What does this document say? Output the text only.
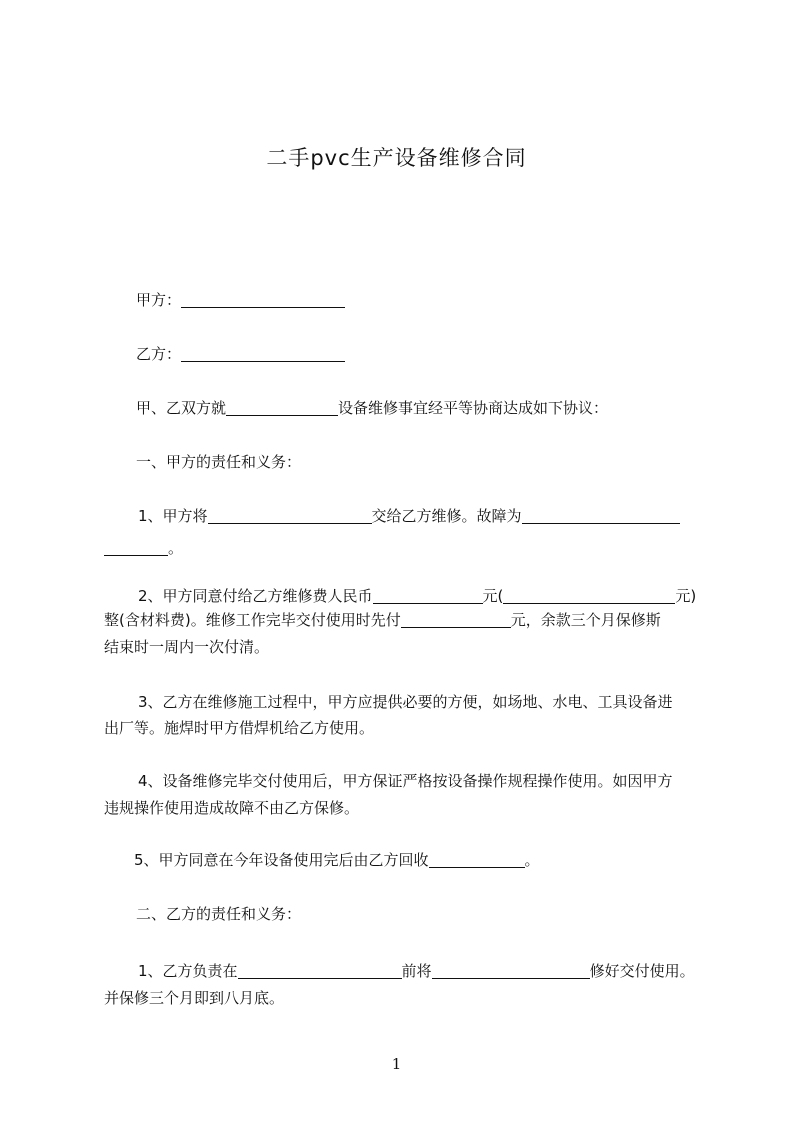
二手pvc生产设备维修合同
甲方：
乙方：
甲、乙双方就	设备维修事宜经平等协商达成如下协议：
一、甲方的责任和义务：
1、甲方将	交给乙方维修。故障为
。
2、甲方同意付给乙方维修费人民币	元(	元)
整(含材料费)。维修工作完毕交付使用时先付	元，余款三个月保修斯
结束时一周内一次付清。
3、乙方在维修施工过程中，甲方应提供必要的方便，如场地、水电、工具设备进
出厂等。施焊时甲方借焊机给乙方使用。
4、设备维修完毕交付使用后，甲方保证严格按设备操作规程操作使用。如因甲方
违规操作使用造成故障不由乙方保修。
5、甲方同意在今年设备使用完后由乙方回收	。
二、乙方的责任和义务：
1、乙方负责在	前将	修好交付使用。
并保修三个月即到八月底。
1
